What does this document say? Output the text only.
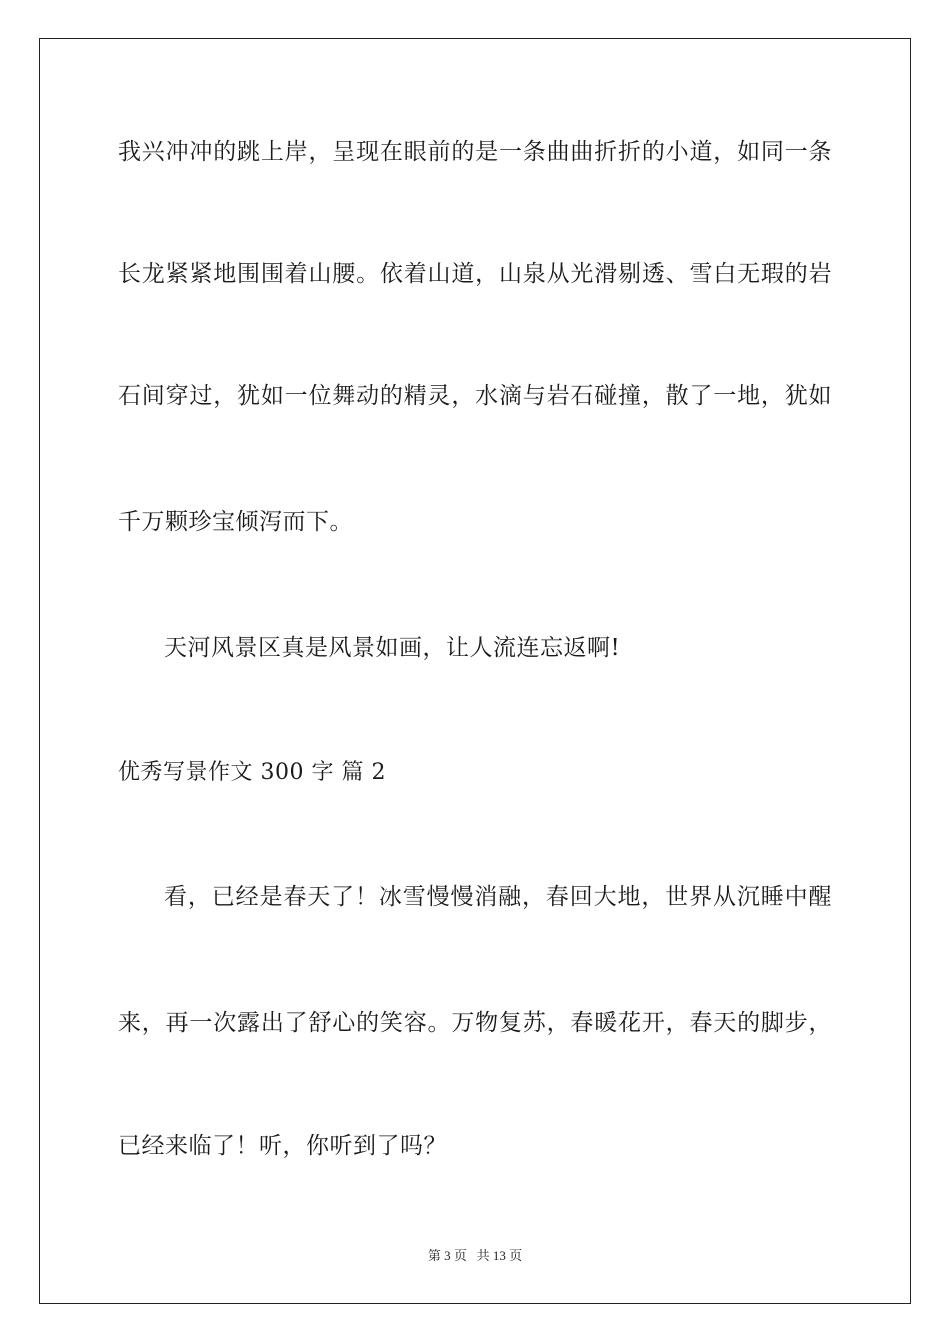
我兴冲冲的跳上岸，呈现在眼前的是一条曲曲折折的小道，如同一条
长龙紧紧地围围着山腰。依着山道，山泉从光滑剔透、雪白无瑕的岩
石间穿过，犹如一位舞动的精灵，水滴与岩石碰撞，散了一地，犹如
千万颗珍宝倾泻而下。
天河风景区真是风景如画，让人流连忘返啊!
优秀写景作文 300 字 篇 2
看，已经是春天了！冰雪慢慢消融，春回大地，世界从沉睡中醒
来，再一次露出了舒心的笑容。万物复苏，春暖花开，春天的脚步，
已经来临了！听，你听到了吗？
第 3 页 共 13 页
